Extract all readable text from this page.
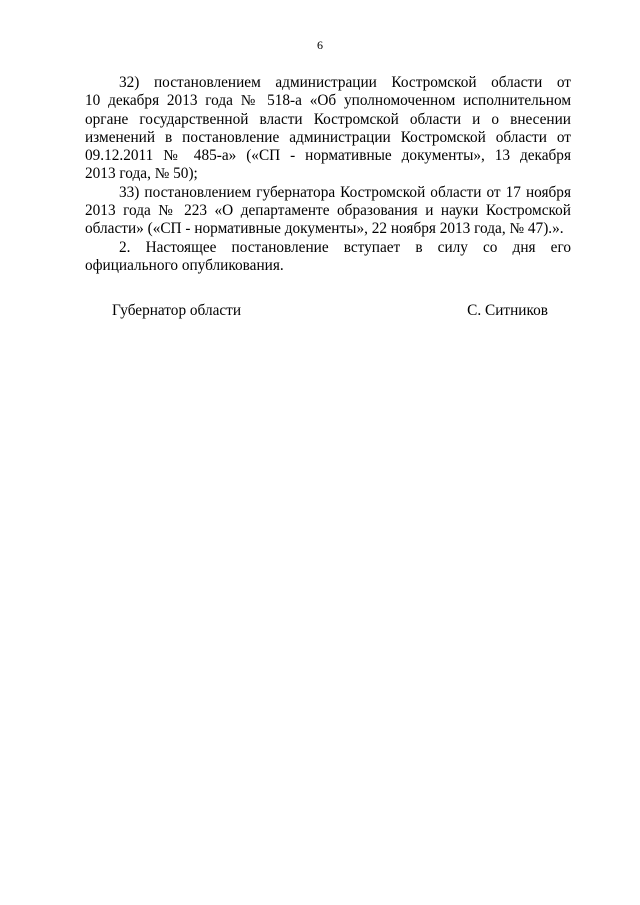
6
32) постановлением администрации Костромской области от
10 декабря 2013 года № 518-а «Об уполномоченном исполнительном
органе государственной власти Костромской области и о внесении
изменений в постановление администрации Костромской области от
09.12.2011 № 485-а» («СП - нормативные документы», 13 декабря
2013 года, № 50);
33) постановлением губернатора Костромской области от 17 ноября
2013 года № 223 «О департаменте образования и науки Костромской
области» («СП - нормативные документы», 22 ноября 2013 года, № 47).».
2. Настоящее постановление вступает в силу со дня его
официального опубликования.
Губернатор области	С. Ситников
